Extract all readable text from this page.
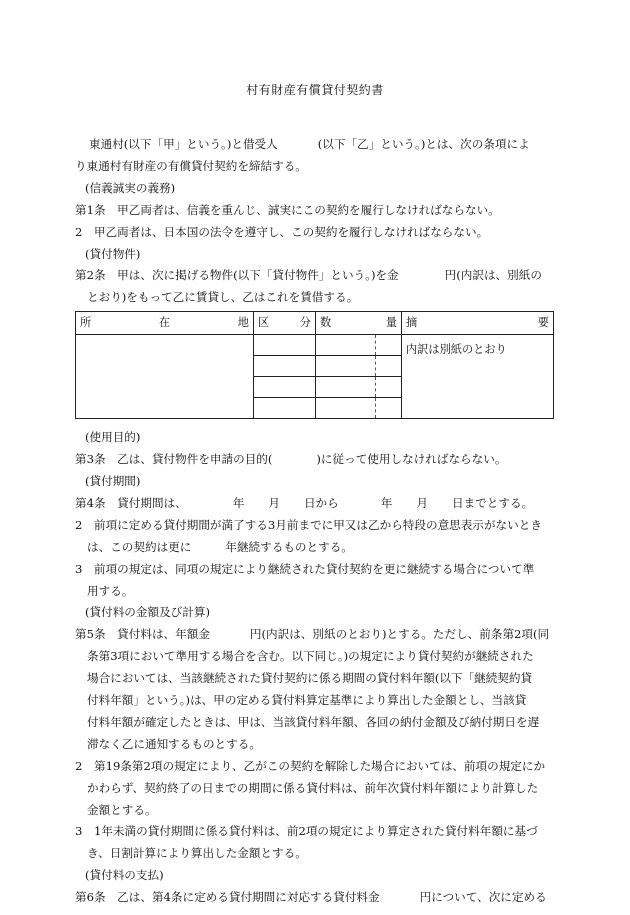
村有財産有償貸付契約書

東通村(以下「甲」という。)と借受人	(以下「乙」という。)とは、次の条項によ

り東通村有財産の有償貸付契約を締結する。

(信義誠実の義務)

第1条　甲乙両者は、信義を重んじ、誠実にこの契約を履行しなければならない。

2　甲乙両者は、日本国の法令を遵守し、この契約を履行しなければならない。

(貸付物件)

第2条　甲は、次に掲げる物件(以下「貸付物件」という。)を金	円(内訳は、別紙の

とおり)をもって乙に賃貸し、乙はこれを賃借する。

所 在 地	区 分	数 量		摘 要

				内訳は別紙のとおり

(使用目的)

第3条　乙は、貸付物件を申請の目的(	)に従って使用しなければならない。

(貸付期間)

第4条　貸付期間は、	年 月 日から	年 月 日までとする。

2　前項に定める貸付期間が満了する3月前までに甲又は乙から特段の意思表示がないとき

は、この契約は更に	年継続するものとする。

3　前項の規定は、同項の規定により継続された貸付契約を更に継続する場合について準

用する。

(貸付料の金額及び計算)

第5条　貸付料は、年額金	円(内訳は、別紙のとおり)とする。ただし、前条第2項(同

条第3項において準用する場合を含む。以下同じ。)の規定により貸付契約が継続された

場合においては、当該継続された貸付契約に係る期間の貸付料年額(以下「継続契約貸

付料年額」という。)は、甲の定める貸付料算定基準により算出した金額とし、当該貸

付料年額が確定したときは、甲は、当該貸付料年額、各回の納付金額及び納付期日を遅

滞なく乙に通知するものとする。

2　第19条第2項の規定により、乙がこの契約を解除した場合においては、前項の規定にか

かわらず、契約終了の日までの期間に係る貸付料は、前年次貸付料年額により計算した

金額とする。

3　1年未満の貸付期間に係る貸付料は、前2項の規定により算定された貸付料年額に基づ

き、日割計算により算出した金額とする。

(貸付料の支払)

第6条　乙は、第4条に定める貸付期間に対応する貸付料金	円について、次に定める
